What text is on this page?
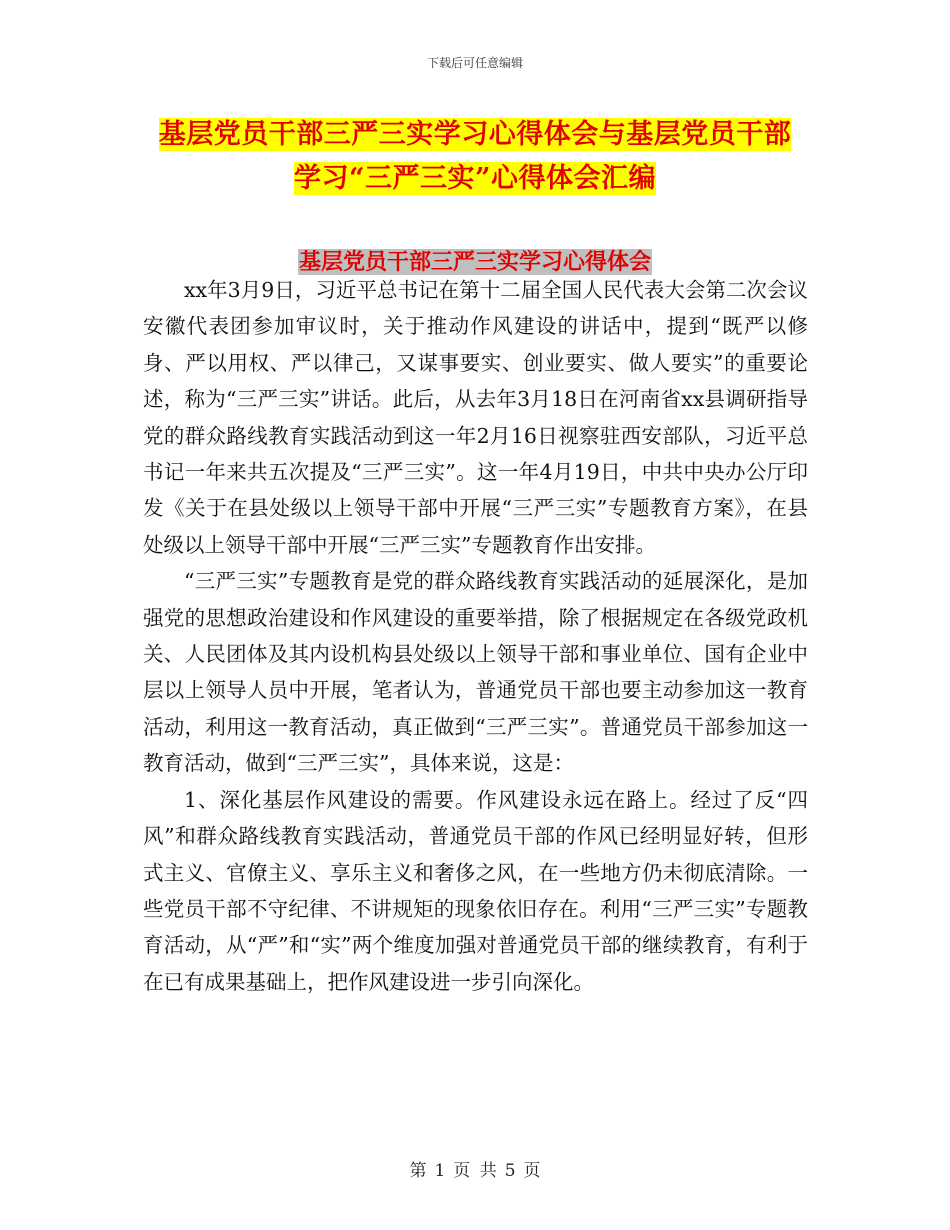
下载后可任意编辑
基层党员干部三严三实学习心得体会与基层党员干部
学习“三严三实”心得体会汇编
基层党员干部三严三实学习心得体会

xx年3月9日，习近平总书记在第十二届全国人民代表大会第二次会议安徽代表团参加审议时，关于推动作风建设的讲话中，提到“既严以修身、严以用权、严以律己，又谋事要实、创业要实、做人要实”的重要论述，称为“三严三实”讲话。此后，从去年3月18日在河南省xx县调研指导党的群众路线教育实践活动到这一年2月16日视察驻西安部队，习近平总书记一年来共五次提及“三严三实”。这一年4月19日，中共中央办公厅印发《关于在县处级以上领导干部中开展“三严三实”专题教育方案》，在县处级以上领导干部中开展“三严三实”专题教育作出安排。

“三严三实”专题教育是党的群众路线教育实践活动的延展深化，是加强党的思想政治建设和作风建设的重要举措，除了根据规定在各级党政机关、人民团体及其内设机构县处级以上领导干部和事业单位、国有企业中层以上领导人员中开展，笔者认为，普通党员干部也要主动参加这一教育活动，利用这一教育活动，真正做到“三严三实”。普通党员干部参加这一教育活动，做到“三严三实”，具体来说，这是：

1、深化基层作风建设的需要。作风建设永远在路上。经过了反“四风”和群众路线教育实践活动，普通党员干部的作风已经明显好转，但形式主义、官僚主义、享乐主义和奢侈之风，在一些地方仍未彻底清除。一些党员干部不守纪律、不讲规矩的现象依旧存在。利用“三严三实”专题教育活动，从“严”和“实”两个维度加强对普通党员干部的继续教育，有利于在已有成果基础上，把作风建设进一步引向深化。

第 1 页 共 5 页
